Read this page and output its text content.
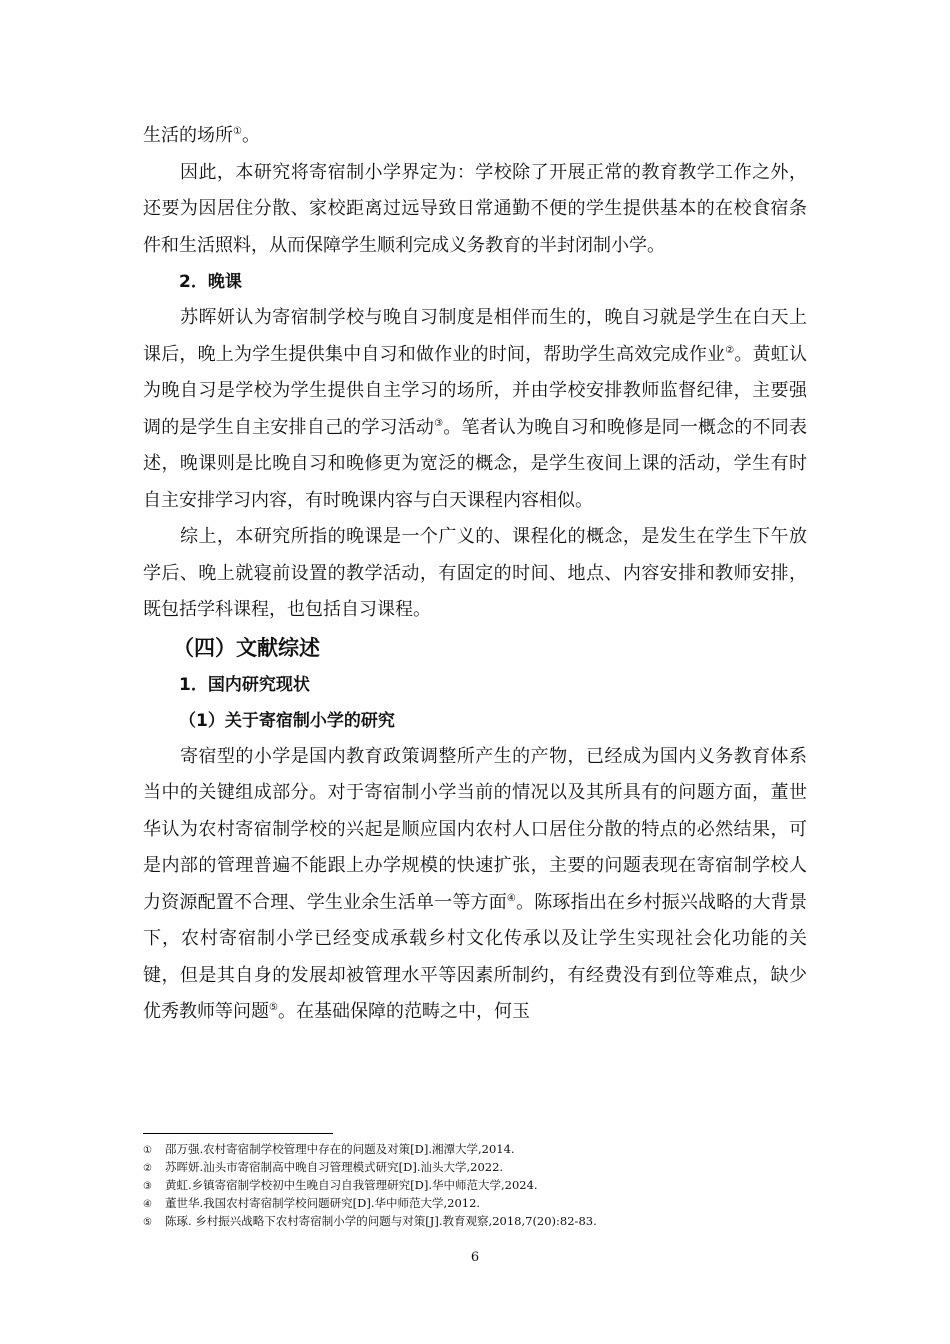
生活的场所①。

因此，本研究将寄宿制小学界定为：学校除了开展正常的教育教学工作之外，还要为因居住分散、家校距离过远导致日常通勤不便的学生提供基本的在校食宿条件和生活照料，从而保障学生顺利完成义务教育的半封闭制小学。

2．晚课

苏晖妍认为寄宿制学校与晚自习制度是相伴而生的，晚自习就是学生在白天上课后，晚上为学生提供集中自习和做作业的时间，帮助学生高效完成作业②。黄虹认为晚自习是学校为学生提供自主学习的场所，并由学校安排教师监督纪律，主要强调的是学生自主安排自己的学习活动③。笔者认为晚自习和晚修是同一概念的不同表述，晚课则是比晚自习和晚修更为宽泛的概念，是学生夜间上课的活动，学生有时自主安排学习内容，有时晚课内容与白天课程内容相似。

综上，本研究所指的晚课是一个广义的、课程化的概念，是发生在学生下午放学后、晚上就寝前设置的教学活动，有固定的时间、地点、内容安排和教师安排，既包括学科课程，也包括自习课程。

（四）文献综述

1．国内研究现状

（1）关于寄宿制小学的研究

寄宿型的小学是国内教育政策调整所产生的产物，已经成为国内义务教育体系当中的关键组成部分。对于寄宿制小学当前的情况以及其所具有的问题方面，董世华认为农村寄宿制学校的兴起是顺应国内农村人口居住分散的特点的必然结果，可是内部的管理普遍不能跟上办学规模的快速扩张，主要的问题表现在寄宿制学校人力资源配置不合理、学生业余生活单一等方面④。陈琢指出在乡村振兴战略的大背景下，农村寄宿制小学已经变成承载乡村文化传承以及让学生实现社会化功能的关键，但是其自身的发展却被管理水平等因素所制约，有经费没有到位等难点，缺少优秀教师等问题⑤。在基础保障的范畴之中，何玉

① 邵万强.农村寄宿制学校管理中存在的问题及对策[D].湘潭大学,2014.

② 苏晖妍.汕头市寄宿制高中晚自习管理模式研究[D].汕头大学,2022.

③ 黄虹.乡镇寄宿制学校初中生晚自习自我管理研究[D].华中师范大学,2024.

④ 董世华.我国农村寄宿制学校问题研究[D].华中师范大学,2012.

⑤ 陈琢. 乡村振兴战略下农村寄宿制小学的问题与对策[J].教育观察,2018,7(20):82-83.

6
